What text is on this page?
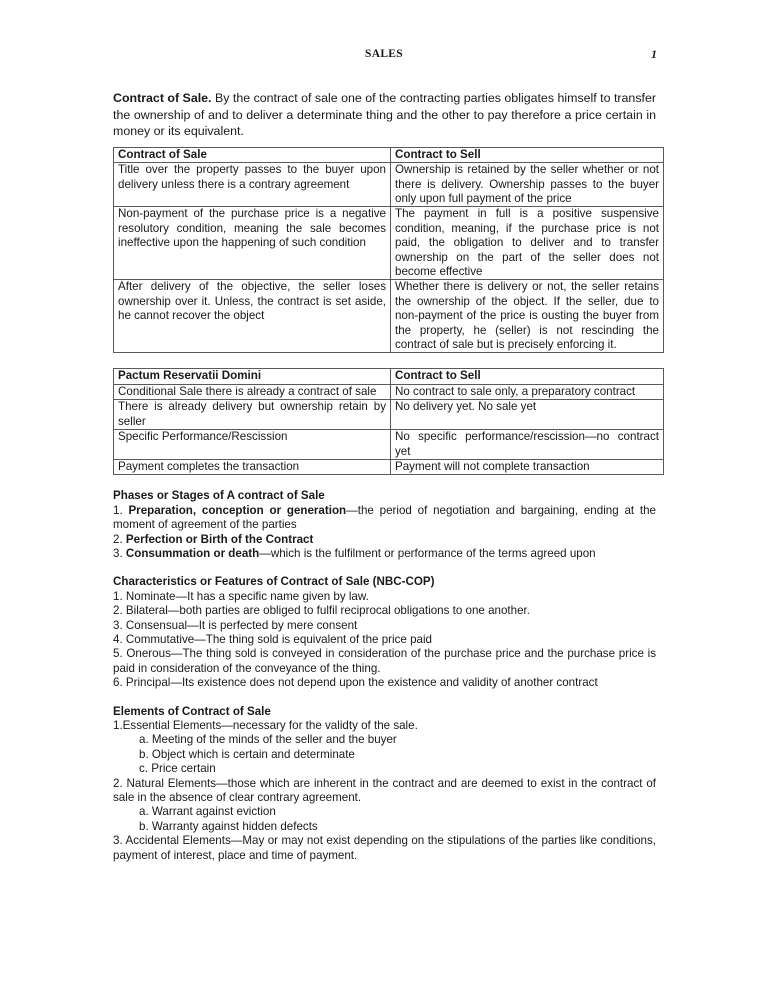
SALES	1

Contract of Sale. By the contract of sale one of the contracting parties obligates himself to transfer the ownership of and to deliver a determinate thing and the other to pay therefore a price certain in money or its equivalent.

Contract of Sale	Contract to Sell
Title over the property passes to the buyer upon delivery unless there is a contrary agreement	Ownership is retained by the seller whether or not there is delivery. Ownership passes to the buyer only upon full payment of the price
Non-payment of the purchase price is a negative resolutory condition, meaning the sale becomes ineffective upon the happening of such condition	The payment in full is a positive suspensive condition, meaning, if the purchase price is not paid, the obligation to deliver and to transfer ownership on the part of the seller does not become effective
After delivery of the objective, the seller loses ownership over it. Unless, the contract is set aside, he cannot recover the object	Whether there is delivery or not, the seller retains the ownership of the object. If the seller, due to non-payment of the price is ousting the buyer from the property, he (seller) is not rescinding the contract of sale but is precisely enforcing it.
Pactum Reservatii Domini	Contract to Sell
Conditional Sale there is already a contract of sale	No contract to sale only, a preparatory contract
There is already delivery but ownership retain by seller	No delivery yet. No sale yet
Specific Performance/Rescission	No specific performance/rescission—no contract yet
Payment completes the transaction	Payment will not complete transaction

Phases or Stages of A contract of Sale

1. Preparation, conception or generation—the period of negotiation and bargaining, ending at the moment of agreement of the parties

2. Perfection or Birth of the Contract

3. Consummation or death—which is the fulfilment or performance of the terms agreed upon

Characteristics or Features of Contract of Sale (NBC-COP)

1. Nominate—It has a specific name given by law.

2. Bilateral—both parties are obliged to fulfil reciprocal obligations to one another.

3. Consensual—It is perfected by mere consent

4. Commutative—The thing sold is equivalent of the price paid

5. Onerous—The thing sold is conveyed in consideration of the purchase price and the purchase price is paid in consideration of the conveyance of the thing.

6. Principal—Its existence does not depend upon the existence and validity of another contract

Elements of Contract of Sale

1.Essential Elements—necessary for the validty of the sale.

a. Meeting of the minds of the seller and the buyer

b. Object which is certain and determinate

c. Price certain

2. Natural Elements—those which are inherent in the contract and are deemed to exist in the contract of sale in the absence of clear contrary agreement.

a. Warrant against eviction

b. Warranty against hidden defects

3. Accidental Elements—May or may not exist depending on the stipulations of the parties like conditions, payment of interest, place and time of payment.
